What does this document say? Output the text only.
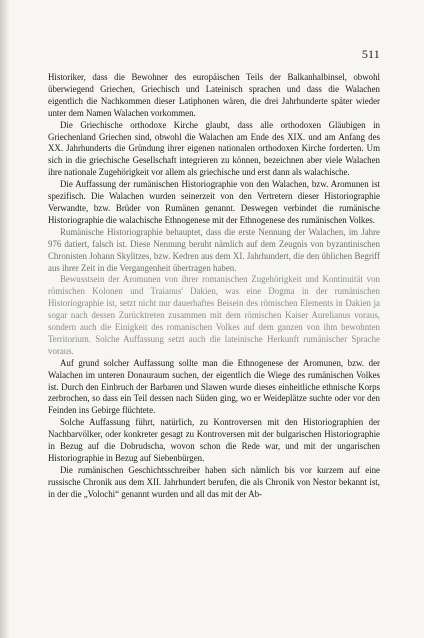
511

Historiker, dass die Bewohner des europäischen Teils der Balkanhalbinsel, obwohl überwiegend Griechen, Griechisch und Lateinisch sprachen und dass die Walachen eigentlich die Nachkommen dieser Latiphonen wären, die drei Jahrhunderte später wieder unter dem Namen Walachen vorkommen.

Die Griechische orthodoxe Kirche glaubt, dass alle orthodoxen Gläubigen in Griechenland Griechen sind, obwohl die Walachen am Ende des XIX. und am Anfang des XX. Jahrhunderts die Gründung ihrer eigenen nationalen orthodoxen Kirche forderten. Um sich in die griechische Gesellschaft integrieren zu können, bezeichnen aber viele Walachen ihre nationale Zugehörigkeit vor allem als griechische und erst dann als walachische.

Die Auffassung der rumänischen Historiographie von den Walachen, bzw. Aromunen ist spezifisch. Die Walachen wurden seinerzeit von den Vertretern dieser Historiographie Verwandte, bzw. Brüder von Rumänen genannt. Deswegen verbindet die rumänische Historiographie die walachische Ethnogenese mit der Ethnogenese des rumänischen Volkes.

Rumänische Historiographie behauptet, dass die erste Nennung der Walachen, im Jahre 976 datiert, falsch ist. Diese Nennung beruht nämlich auf dem Zeugnis von byzantinischen Chronisten Johann Skylitzes, bzw. Kedren aus dem XI. Jahrhundert, die den üblichen Begriff aus ihrer Zeit in die Vergangenheit übertragen haben.

Bewusstsein der Aromunen von ihrer romanischen Zugehörigkeit und Kontinuität von römischen Kolonen und Traianus' Dakien, was eine Dogma in der rumänischen Historiographie ist, setzt nicht nur dauerhaftes Beisein des römischen Elements in Dakien ja sogar nach dessen Zurücktreten zusammen mit dem römischen Kaiser Aurelianus voraus, sondern auch die Einigkeit des romanischen Volkes auf dem ganzen von ihm bewohnten Territorium. Solche Auffassung setzt auch die lateinische Herkunft rumänischer Sprache voraus.

Auf grund solcher Auffassung sollte man die Ethnogenese der Aromunen, bzw. der Walachen im unteren Donauraum suchen, der eigentlich die Wiege des rumänischen Volkes ist. Durch den Einbruch der Barbaren und Slawen wurde dieses einheitliche ethnische Korps zerbrochen, so dass ein Teil dessen nach Süden ging, wo er Weideplätze suchte oder vor den Feinden ins Gebirge flüchtete.

Solche Auffassung führt, natürlich, zu Kontroversen mit den Historiographien der Nachbarvölker, oder konkreter gesagt zu Kontroversen mit der bulgarischen Historiographie in Bezug auf die Dobrudscha, wovon schon die Rede war, und mit der ungarischen Historiographie in Bezug auf Siebenbürgen.

Die rumänischen Geschichtsschreiber haben sich nämlich bis vor kurzem auf eine russische Chronik aus dem XII. Jahrhundert berufen, die als Chronik von Nestor bekannt ist, in der die „Volochi“ genannt wurden und all das mit der Ab-
